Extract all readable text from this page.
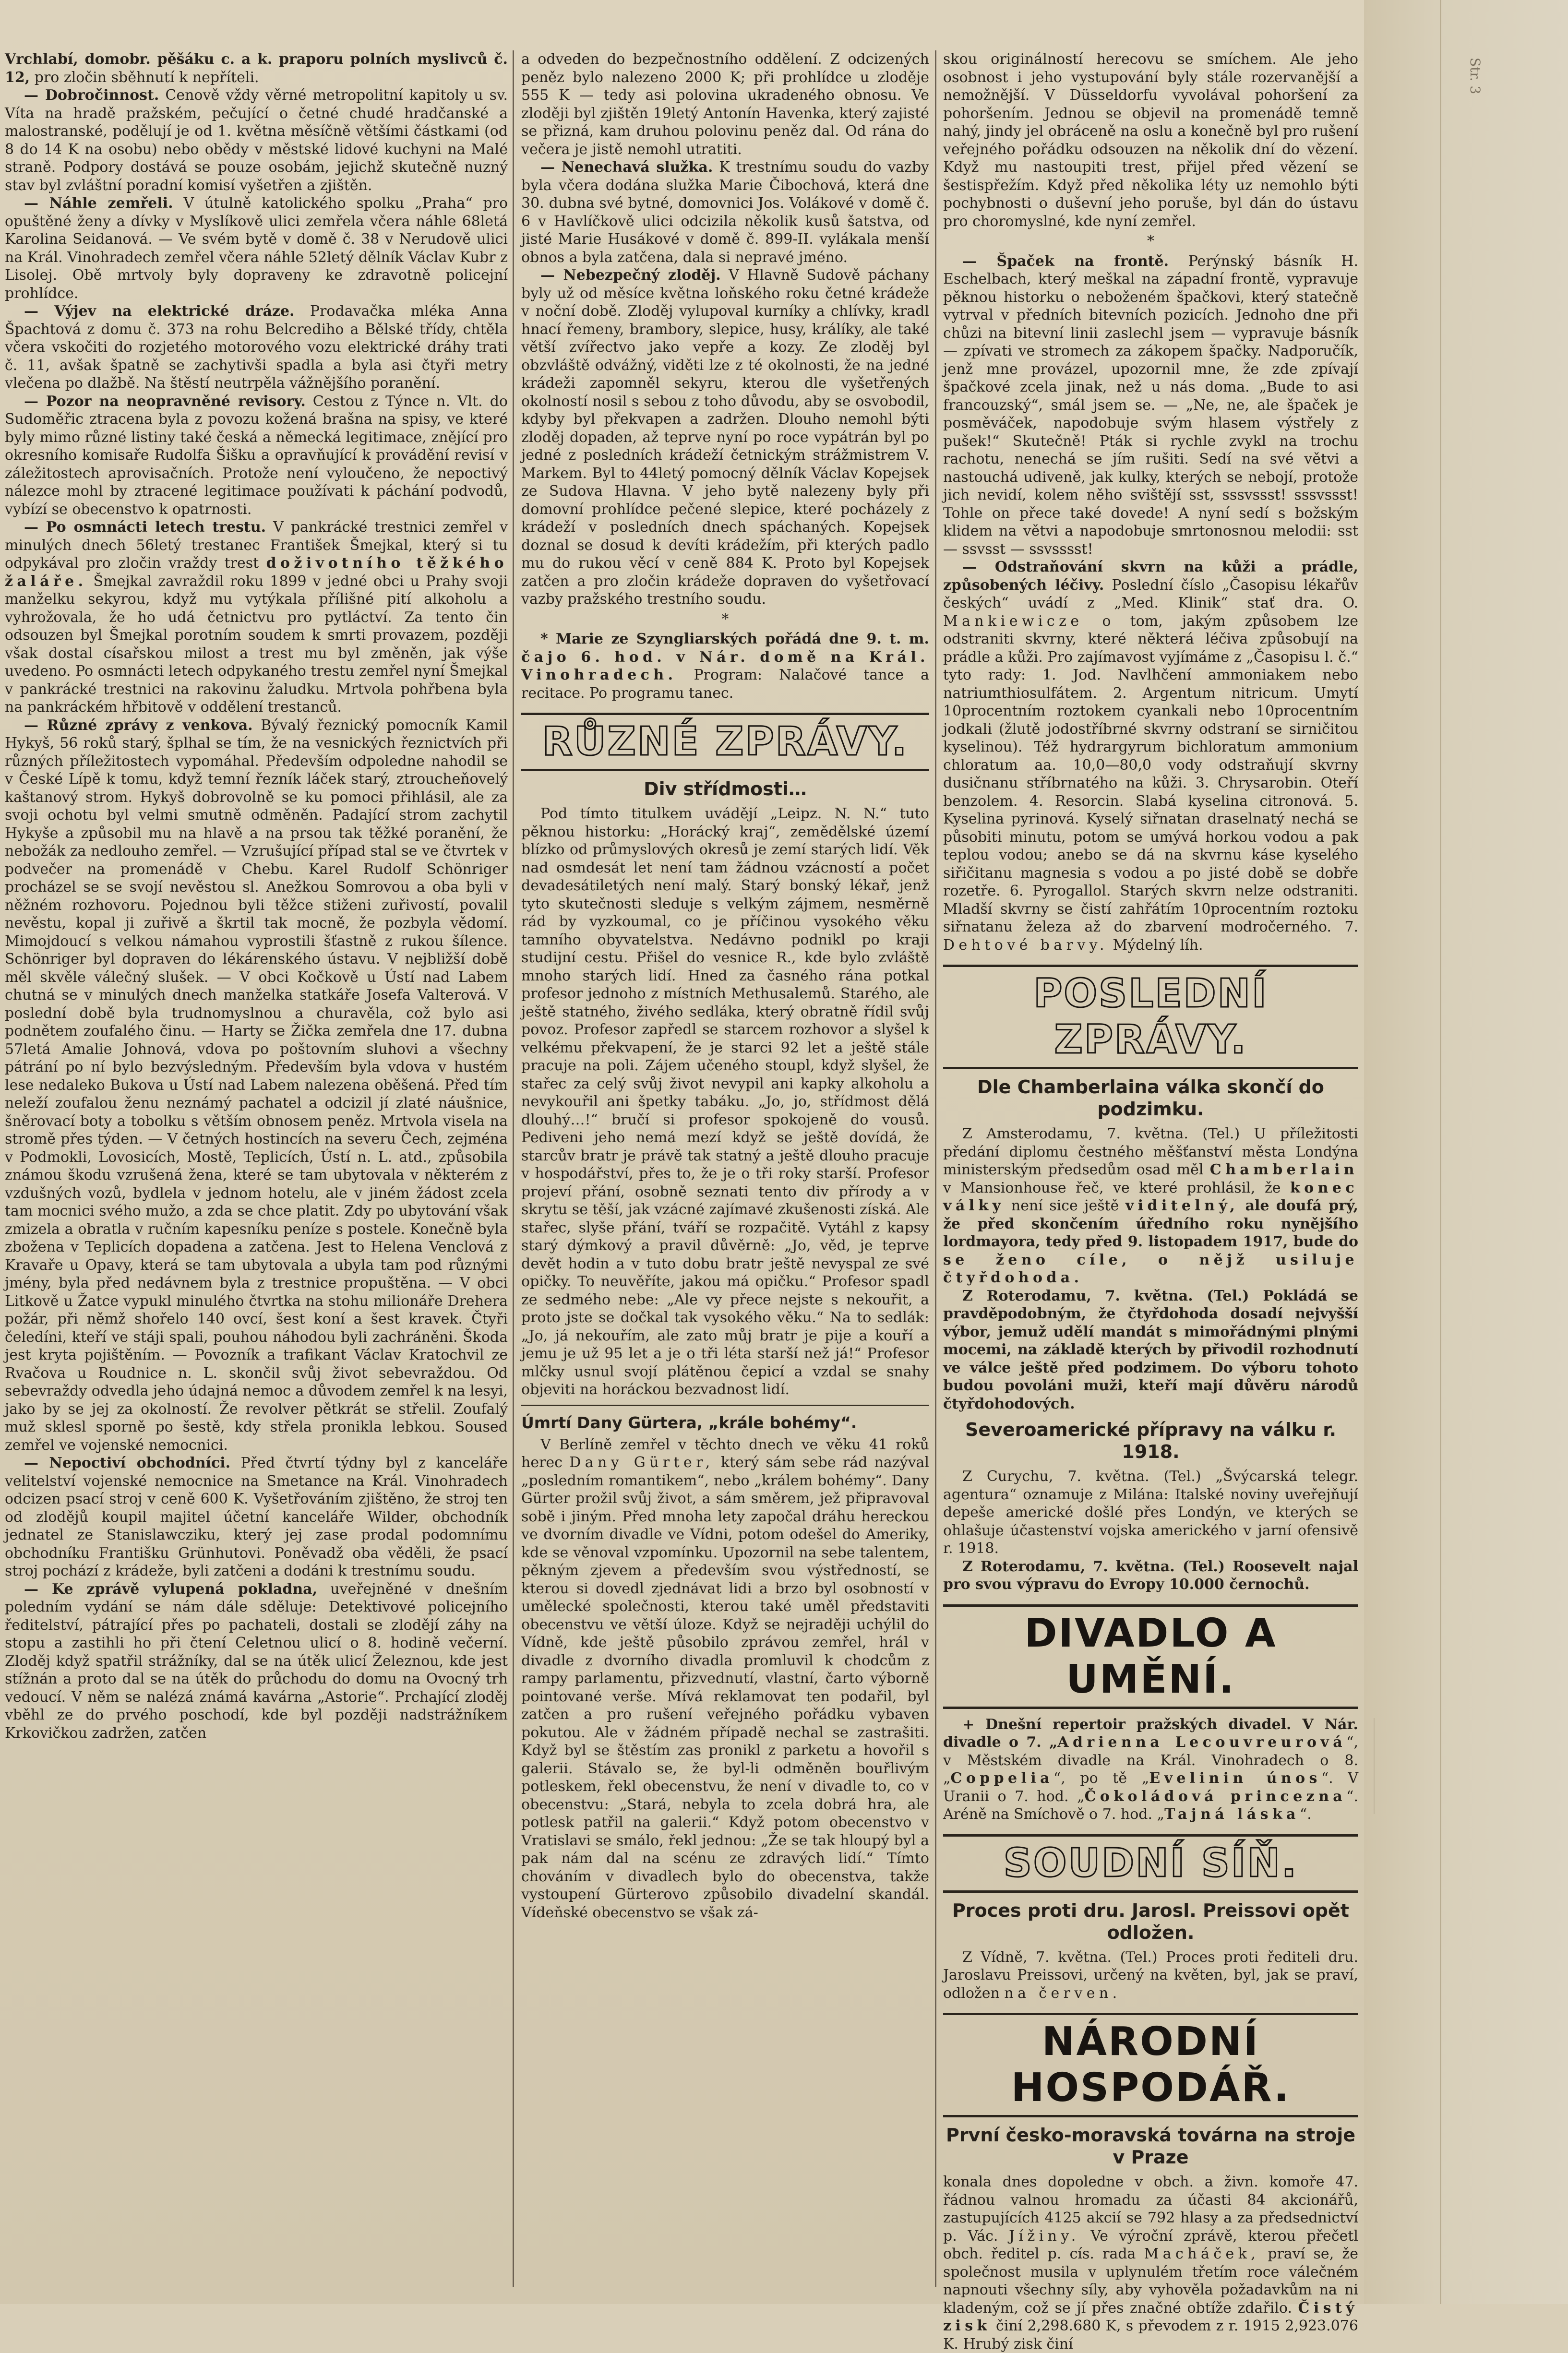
Vrchlabí, domobr. pěšáku c. a k. praporu polních myslivců č. 12, pro zločin sběhnutí k nepříteli.

— Dobročinnost. Cenově vždy věrné metropolitní kapitoly u sv. Víta na hradě pražském, pečující o četné chudé hradčanské a malostranské, podělují je od 1. května měsíčně většími částkami (od 8 do 14 K na osobu) nebo obědy v městské lidové kuchyni na Malé straně. Podpory dostává se pouze osobám, jejichž skutečně nuzný stav byl zvláštní poradní komisí vyšetřen a zjištěn.

— Náhle zemřeli. V útulně katolického spolku „Praha“ pro opuštěné ženy a dívky v Myslíkově ulici zemřela včera náhle 68letá Karolina Seidanová. — Ve svém bytě v domě č. 38 v Nerudově ulici na Král. Vinohradech zemřel včera náhle 52letý dělník Václav Kubr z Lisolej. Obě mrtvoly byly dopraveny ke zdravotně policejní prohlídce.

— Výjev na elektrické dráze. Prodavačka mléka Anna Špachtová z domu č. 373 na rohu Belcrediho a Bělské třídy, chtěla včera vskočiti do rozjetého motorového vozu elektrické dráhy trati č. 11, avšak špatně se zachytivši spadla a byla asi čtyři metry vlečena po dlažbě. Na štěstí neutrpěla vážnějšího poranění.

— Pozor na neopravněné revisory. Cestou z Týnce n. Vlt. do Sudoměřic ztracena byla z povozu kožená brašna na spisy, ve které byly mimo různé listiny také česká a německá legitimace, znějící pro okresního komisaře Rudolfa Šišku a opravňující k provádění revisí v záležitostech aprovisačních. Protože není vyloučeno, že nepoctivý nálezce mohl by ztracené legitimace používati k páchání podvodů, vybízí se obecenstvo k opatrnosti.

— Po osmnácti letech trestu. V pankrácké trestnici zemřel v minulých dnech 56letý trestanec František Šmejkal, který si tu odpykával pro zločin vraždy trest doživotního těžkého žaláře. Šmejkal zavraždil roku 1899 v jedné obci u Prahy svoji manželku sekyrou, když mu vytýkala přílišné pití alkoholu a vyhrožovala, že ho udá četnictvu pro pytláctví. Za tento čin odsouzen byl Šmejkal porotním soudem k smrti provazem, později však dostal císařskou milost a trest mu byl změněn, jak výše uvedeno. Po osmnácti letech odpykaného trestu zemřel nyní Šmejkal v pankrácké trestnici na rakovinu žaludku. Mrtvola pohřbena byla na pankráckém hřbitově v oddělení trestanců.

— Různé zprávy z venkova. Bývalý řeznický pomocník Kamil Hykyš, 56 roků starý, šplhal se tím, že na vesnických řeznictvích při různých příležitostech vypomáhal. Především odpoledne nahodil se v České Lípě k tomu, když temní řezník láček starý, ztroucheňovelý kaštanový strom. Hykyš dobrovolně se ku pomoci přihlásil, ale za svoji ochotu byl velmi smutně odměněn. Padající strom zachytil Hykyše a způsobil mu na hlavě a na prsou tak těžké poranění, že nebožák za nedlouho zemřel. — Vzrušující případ stal se ve čtvrtek v podvečer na promenádě v Chebu. Karel Rudolf Schönriger procházel se se svojí nevěstou sl. Anežkou Somrovou a oba byli v něžném rozhovoru. Pojednou byli těžce stiženi zuřivostí, povalil nevěstu, kopal ji zuřivě a škrtil tak mocně, že pozbyla vědomí. Mimojdoucí s velkou námahou vyprostili šťastně z rukou šílence. Schönriger byl dopraven do lékárenského ústavu. V nejbližší době měl skvěle válečný slušek. — V obci Kočkově u Ústí nad Labem chutná se v minulých dnech manželka statkáře Josefa Valterová. V poslední době byla trudnomyslnou a churavěla, což bylo asi podnětem zoufalého činu. — Harty se Žička zemřela dne 17. dubna 57letá Amalie Johnová, vdova po poštovním sluhovi a všechny pátrání po ní bylo bezvýsledným. Především byla vdova v hustém lese nedaleko Bukova u Ústí nad Labem nalezena oběšená. Před tím neleží zoufalou ženu neznámý pachatel a odcizil jí zlaté náušnice, šněrovací boty a tobolku s větším obnosem peněz. Mrtvola visela na stromě přes týden. — V četných hostincích na severu Čech, zejména v Podmokli, Lovosicích, Mostě, Teplicích, Ústí n. L. atd., způsobila známou škodu vzrušená žena, které se tam ubytovala v některém z vzdušných vozů, bydlela v jednom hotelu, ale v jiném žádost zcela tam mocnici svého mužo, a zda se chce platit. Zdy po ubytování však zmizela a obratla v ručním kapesníku peníze s postele. Konečně byla zbožena v Teplicích dopadena a zatčena. Jest to Helena Venclová z Kravaře u Opavy, která se tam ubytovala a ubyla tam pod různými jmény, byla před nedávnem byla z trestnice propuštěna. — V obci Litkově u Žatce vypukl minulého čtvrtka na stohu milionáře Drehera požár, při němž shořelo 140 ovcí, šest koní a šest kravek. Čtyři čeledíni, kteří ve stáji spali, pouhou náhodou byli zachráněni. Škoda jest kryta pojištěním. — Povozník a trafikant Václav Kratochvil ze Rvačova u Roudnice n. L. skončil svůj život sebevraždou. Od sebevraždy odvedla jeho údajná nemoc a důvodem zemřel k na lesyi, jako by se jej za okolností. Že revolver pětkrát se střelil. Zoufalý muž sklesl sporně po šestě, kdy střela pronikla lebkou. Soused zemřel ve vojenské nemocnici.

— Nepoctiví obchodníci. Před čtvrtí týdny byl z kanceláře velitelství vojenské nemocnice na Smetance na Král. Vinohradech odcizen psací stroj v ceně 600 K. Vyšetřováním zjištěno, že stroj ten od zlodějů koupil majitel účetní kanceláře Wilder, obchodník jednatel ze Stanislawcziku, který jej zase prodal podomnímu obchodníku Františku Grünhutovi. Poněvadž oba věděli, že psací stroj pochází z krádeže, byli zatčeni a dodáni k trestnímu soudu.

— Ke zprávě vylupená pokladna, uveřejněné v dnešním poledním vydání se nám dále sděluje: Detektivové policejního ředitelství, pátrající přes po pachateli, dostali se zlodějí záhy na stopu a zastihli ho při čtení Celetnou ulicí o 8. hodině večerní. Zloděj když spatřil strážníky, dal se na útěk ulicí Železnou, kde jest stížnán a proto dal se na útěk do průchodu do domu na Ovocný trh vedoucí. V něm se nalézá známá kavárna „Astorie“. Prchající zloděj vběhl ze do prvého poschodí, kde byl později nadstrážníkem Krkovičkou zadržen, zatčen

a odveden do bezpečnostního oddělení. Z odcizených peněz bylo nalezeno 2000 K; při prohlídce u zloděje 555 K — tedy asi polovina ukradeného obnosu. Ve zloději byl zjištěn 19letý Antonín Havenka, který zajisté se přizná, kam druhou polovinu peněz dal. Od rána do večera je jistě nemohl utratiti.

— Nenechavá služka. K trestnímu soudu do vazby byla včera dodána služka Marie Čibochová, která dne 30. dubna své bytné, domovnici Jos. Volákové v domě č. 6 v Havlíčkově ulici odcizila několik kusů šatstva, od jisté Marie Husákové v domě č. 899-II. vylákala menší obnos a byla zatčena, dala si nepravé jméno.

— Nebezpečný zloděj. V Hlavně Sudově páchany byly už od měsíce května loňského roku četné krádeže v noční době. Zloděj vylupoval kurníky a chlívky, kradl hnací řemeny, brambory, slepice, husy, králíky, ale také větší zvířectvo jako vepře a kozy. Ze zloděj byl obzvláště odvážný, viděti lze z té okolnosti, že na jedné krádeži zapomněl sekyru, kterou dle vyšetřených okolností nosil s sebou z toho důvodu, aby se osvobodil, kdyby byl překvapen a zadržen. Dlouho nemohl býti zloděj dopaden, až teprve nyní po roce vypátrán byl po jedné z posledních krádeží četnickým strážmistrem V. Markem. Byl to 44letý pomocný dělník Václav Kopejsek ze Sudova Hlavna. V jeho bytě nalezeny byly při domovní prohlídce pečené slepice, které pocházely z krádeží v posledních dnech spáchaných. Kopejsek doznal se dosud k devíti krádežím, při kterých padlo mu do rukou věcí v ceně 884 K. Proto byl Kopejsek zatčen a pro zločin krádeže dopraven do vyšetřovací vazby pražského trestního soudu.

*

* Marie ze Szyngliarských pořádá dne 9. t. m. čajo 6. hod. v Nár. domě na Král. Vinohradech. Program: Nalačové tance a recitace. Po programu tanec.

RŮZNÉ ZPRÁVY.
Div střídmosti…

Pod tímto titulkem uvádějí „Leipz. N. N.“ tuto pěknou historku: „Horácký kraj“, zemědělské území blízko od průmyslových okresů je zemí starých lidí. Věk nad osmdesát let není tam žádnou vzácností a počet devadesátiletých není malý. Starý bonský lékař, jenž tyto skutečnosti sleduje s velkým zájmem, nesměrně rád by vyzkoumal, co je příčinou vysokého věku tamního obyvatelstva. Nedávno podnikl po kraji studijní cestu. Přišel do vesnice R., kde bylo zvláště mnoho starých lidí. Hned za časného rána potkal profesor jednoho z místních Methusalemů. Starého, ale ještě statného, živého sedláka, který obratně řídil svůj povoz. Profesor zapředl se starcem rozhovor a slyšel k velkému překvapení, že je starci 92 let a ještě stále pracuje na poli. Zájem učeného stoupl, když slyšel, že stařec za celý svůj život nevypil ani kapky alkoholu a nevykouřil ani špetky tabáku. „Jo, jo, střídmost dělá dlouhý…!“ bručí si profesor spokojeně do vousů. Pediveni jeho nemá mezí když se ještě dovídá, že starcův bratr je právě tak statný a ještě dlouho pracuje v hospodářství, přes to, že je o tři roky starší. Profesor projeví přání, osobně seznati tento div přírody a v skrytu se těší, jak vzácné zajímavé zkušenosti získá. Ale stařec, slyše přání, tváří se rozpačitě. Vytáhl z kapsy starý dýmkový a pravil důvěrně: „Jo, věd, je teprve devět hodin a v tuto dobu bratr ještě nevyspal ze své opičky. To neuvěříte, jakou má opičku.“ Profesor spadl ze sedmého nebe: „Ale vy přece nejste s nekouřit, a proto jste se dočkal tak vysokého věku.“ Na to sedlák: „Jo, já nekouřím, ale zato můj bratr je pije a kouří a jemu je už 95 let a je o tři léta starší než já!“ Profesor mlčky usnul svojí plátěnou čepicí a vzdal se snahy objeviti na horáckou bezvadnost lidí.

Úmrtí Dany Gürtera, „krále bohémy“.

V Berlíně zemřel v těchto dnech ve věku 41 roků herec Dany Gürter, který sám sebe rád nazýval „posledním romantikem“, nebo „králem bohémy“. Dany Gürter prožil svůj život, a sám směrem, jež připravoval sobě i jiným. Před mnoha lety započal dráhu hereckou ve dvorním divadle ve Vídni, potom odešel do Ameriky, kde se věnoval vzpomínku. Upozornil na sebe talentem, pěkným zjevem a především svou výstředností, se kterou si dovedl zjednávat lidi a brzo byl osobností v umělecké společnosti, kterou také uměl představiti obecenstvu ve větší úloze. Když se nejraději uchýlil do Vídně, kde ještě působilo zprávou zemřel, hrál v divadle z dvorního divadla promluvil k chodcům z rampy parlamentu, přizvednutí, vlastní, čarto výborně pointované verše. Mívá reklamovat ten podařil, byl zatčen a pro rušení veřejného pořádku vybaven pokutou. Ale v žádném případě nechal se zastrašiti. Když byl se štěstím zas pronikl z parketu a hovořil s galerii. Stávalo se, že byl-li odměněn bouřlivým potleskem, řekl obecenstvu, že není v divadle to, co v obecenstvu: „Stará, nebyla to zcela dobrá hra, ale potlesk patřil na galerii.“ Když potom obecenstvo v Vratislavi se smálo, řekl jednou: „Že se tak hloupý byl a pak nám dal na scénu ze zdravých lidí.“ Tímto chováním v divadlech bylo do obecenstva, takže vystoupení Gürterovo způsobilo divadelní skandál. Vídeňské obecenstvo se však zá-

skou originálností herecovu se smíchem. Ale jeho osobnost i jeho vystupování byly stále rozervanější a nemožnější. V Düsseldorfu vyvolával pohoršení za pohoršením. Jednou se objevil na promenádě temně nahý, jindy jel obráceně na oslu a konečně byl pro rušení veřejného pořádku odsouzen na několik dní do vězení. Když mu nastoupiti trest, přijel před vězení se šestispřežím. Když před několika léty uz nemohlo býti pochybnosti o duševní jeho poruše, byl dán do ústavu pro choromyslné, kde nyní zemřel.

*

— Špaček na frontě. Perýnský básník H. Eschelbach, který meškal na západní frontě, vypravuje pěknou historku o neboženém špačkovi, který statečně vytrval v předních bitevních pozicích. Jednoho dne při chůzi na bitevní linii zaslechl jsem — vypravuje básník — zpívati ve stromech za zákopem špačky. Nadporučík, jenž mne provázel, upozornil mne, že zde zpívají špačkové zcela jinak, než u nás doma. „Bude to asi francouzský“, smál jsem se. — „Ne, ne, ale špaček je posměváček, napodobuje svým hlasem výstřely z pušek!“ Skutečně! Pták si rychle zvykl na trochu rachotu, nenechá se jím rušiti. Sedí na své větvi a nastouchá udiveně, jak kulky, kterých se nebojí, protože jich nevidí, kolem něho svištějí sst, sssvssst! sssvssst! Tohle on přece také dovede! A nyní sedí s božským klidem na větvi a napodobuje smrtonosnou melodii: sst — ssvsst — ssvsssst!

— Odstraňování skvrn na kůži a prádle, způsobených léčivy. Poslední číslo „Časopisu lékařův českých“ uvádí z „Med. Klinik“ stať dra. O. Mankiewicze o tom, jakým způsobem lze odstraniti skvrny, které některá léčiva způsobují na prádle a kůži. Pro zajímavost vyjímáme z „Časopisu l. č.“ tyto rady: 1. Jod. Navlhčení ammoniakem nebo natriumthiosulfátem. 2. Argentum nitricum. Umytí 10procentním roztokem cyankali nebo 10procentním jodkali (žlutě jodostříbrné skvrny odstraní se sirničitou kyselinou). Též hydrargyrum bichloratum ammonium chloratum aa. 10,0—80,0 vody odstraňují skvrny dusičnanu stříbrnatého na kůži. 3. Chrysarobin. Oteří benzolem. 4. Resorcin. Slabá kyselina citronová. 5. Kyselina pyrinová. Kyselý siřnatan draselnatý nechá se působiti minutu, potom se umývá horkou vodou a pak teplou vodou; anebo se dá na skvrnu káse kyselého siřičitanu magnesia s vodou a po jisté době se dobře rozetře. 6. Pyrogallol. Starých skvrn nelze odstraniti. Mladší skvrny se čistí zahřátím 10procentním roztoku siřnatanu železa až do zbarvení modročerného. 7. Dehtové barvy. Mýdelný líh.

POSLEDNÍ ZPRÁVY.
Dle Chamberlaina válka skončí do podzimku.

Z Amsterodamu, 7. května. (Tel.) U příležitosti předání diplomu čestného měšťanství města Londýna ministerským předsedům osad měl Chamberlain v Mansionhouse řeč, ve které prohlásil, že konec války není sice ještě viditelný, ale doufá prý, že před skončením úředního roku nynějšího lordmayora, tedy před 9. listopadem 1917, bude do se ženo cíle, o nějž usiluje čtyřdohoda.

Z Roterodamu, 7. května. (Tel.) Pokládá se pravděpodobným, že čtyřdohoda dosadí nejvyšší výbor, jemuž udělí mandát s mimořádnými plnými mocemi, na základě kterých by přivodil rozhodnutí ve válce ještě před podzimem. Do výboru tohoto budou povoláni muži, kteří mají důvěru národů čtyřdohodových.

Severoamerické přípravy na válku r. 1918.

Z Curychu, 7. května. (Tel.) „Švýcarská telegr. agentura“ oznamuje z Milána: Italské noviny uveřejňují depeše americké došlé přes Londýn, ve kterých se ohlašuje účastenství vojska amerického v jarní ofensivě r. 1918.

Z Roterodamu, 7. května. (Tel.) Roosevelt najal pro svou výpravu do Evropy 10.000 černochů.

DIVADLO A UMĚNÍ.

+ Dnešní repertoir pražských divadel. V Nár. divadle o 7. „Adrienna Lecouvreurová“, v Městském divadle na Král. Vinohradech o 8. „Coppelia“, po tě „Evelinin únos“. V Uranii o 7. hod. „Čokoládová princezna“. Aréně na Smíchově o 7. hod. „Tajná láska“.

SOUDNÍ SÍŇ.
Proces proti dru. Jarosl. Preissovi opět odložen.

Z Vídně, 7. května. (Tel.) Proces proti řediteli dru. Jaroslavu Preissovi, určený na květen, byl, jak se praví, odložen na červen.

NÁRODNÍ HOSPODÁŘ.
První česko-moravská továrna na stroje v Praze

konala dnes dopoledne v obch. a živn. komoře 47. řádnou valnou hromadu za účasti 84 akcionářů, zastupujících 4125 akcií se 792 hlasy a za předsednictví p. Vác. Jížiny. Ve výroční zprávě, kterou přečetl obch. ředitel p. cís. rada Macháček, praví se, že společnost musila v uplynulém třetím roce válečném napnouti všechny síly, aby vyhověla požadavkům na ni kladeným, což se jí přes značné obtíže zdařilo. Čistý zisk činí 2,298.680 K, s převodem z r. 1915 2,923.076 K. Hrubý zisk činí

Str. 3
